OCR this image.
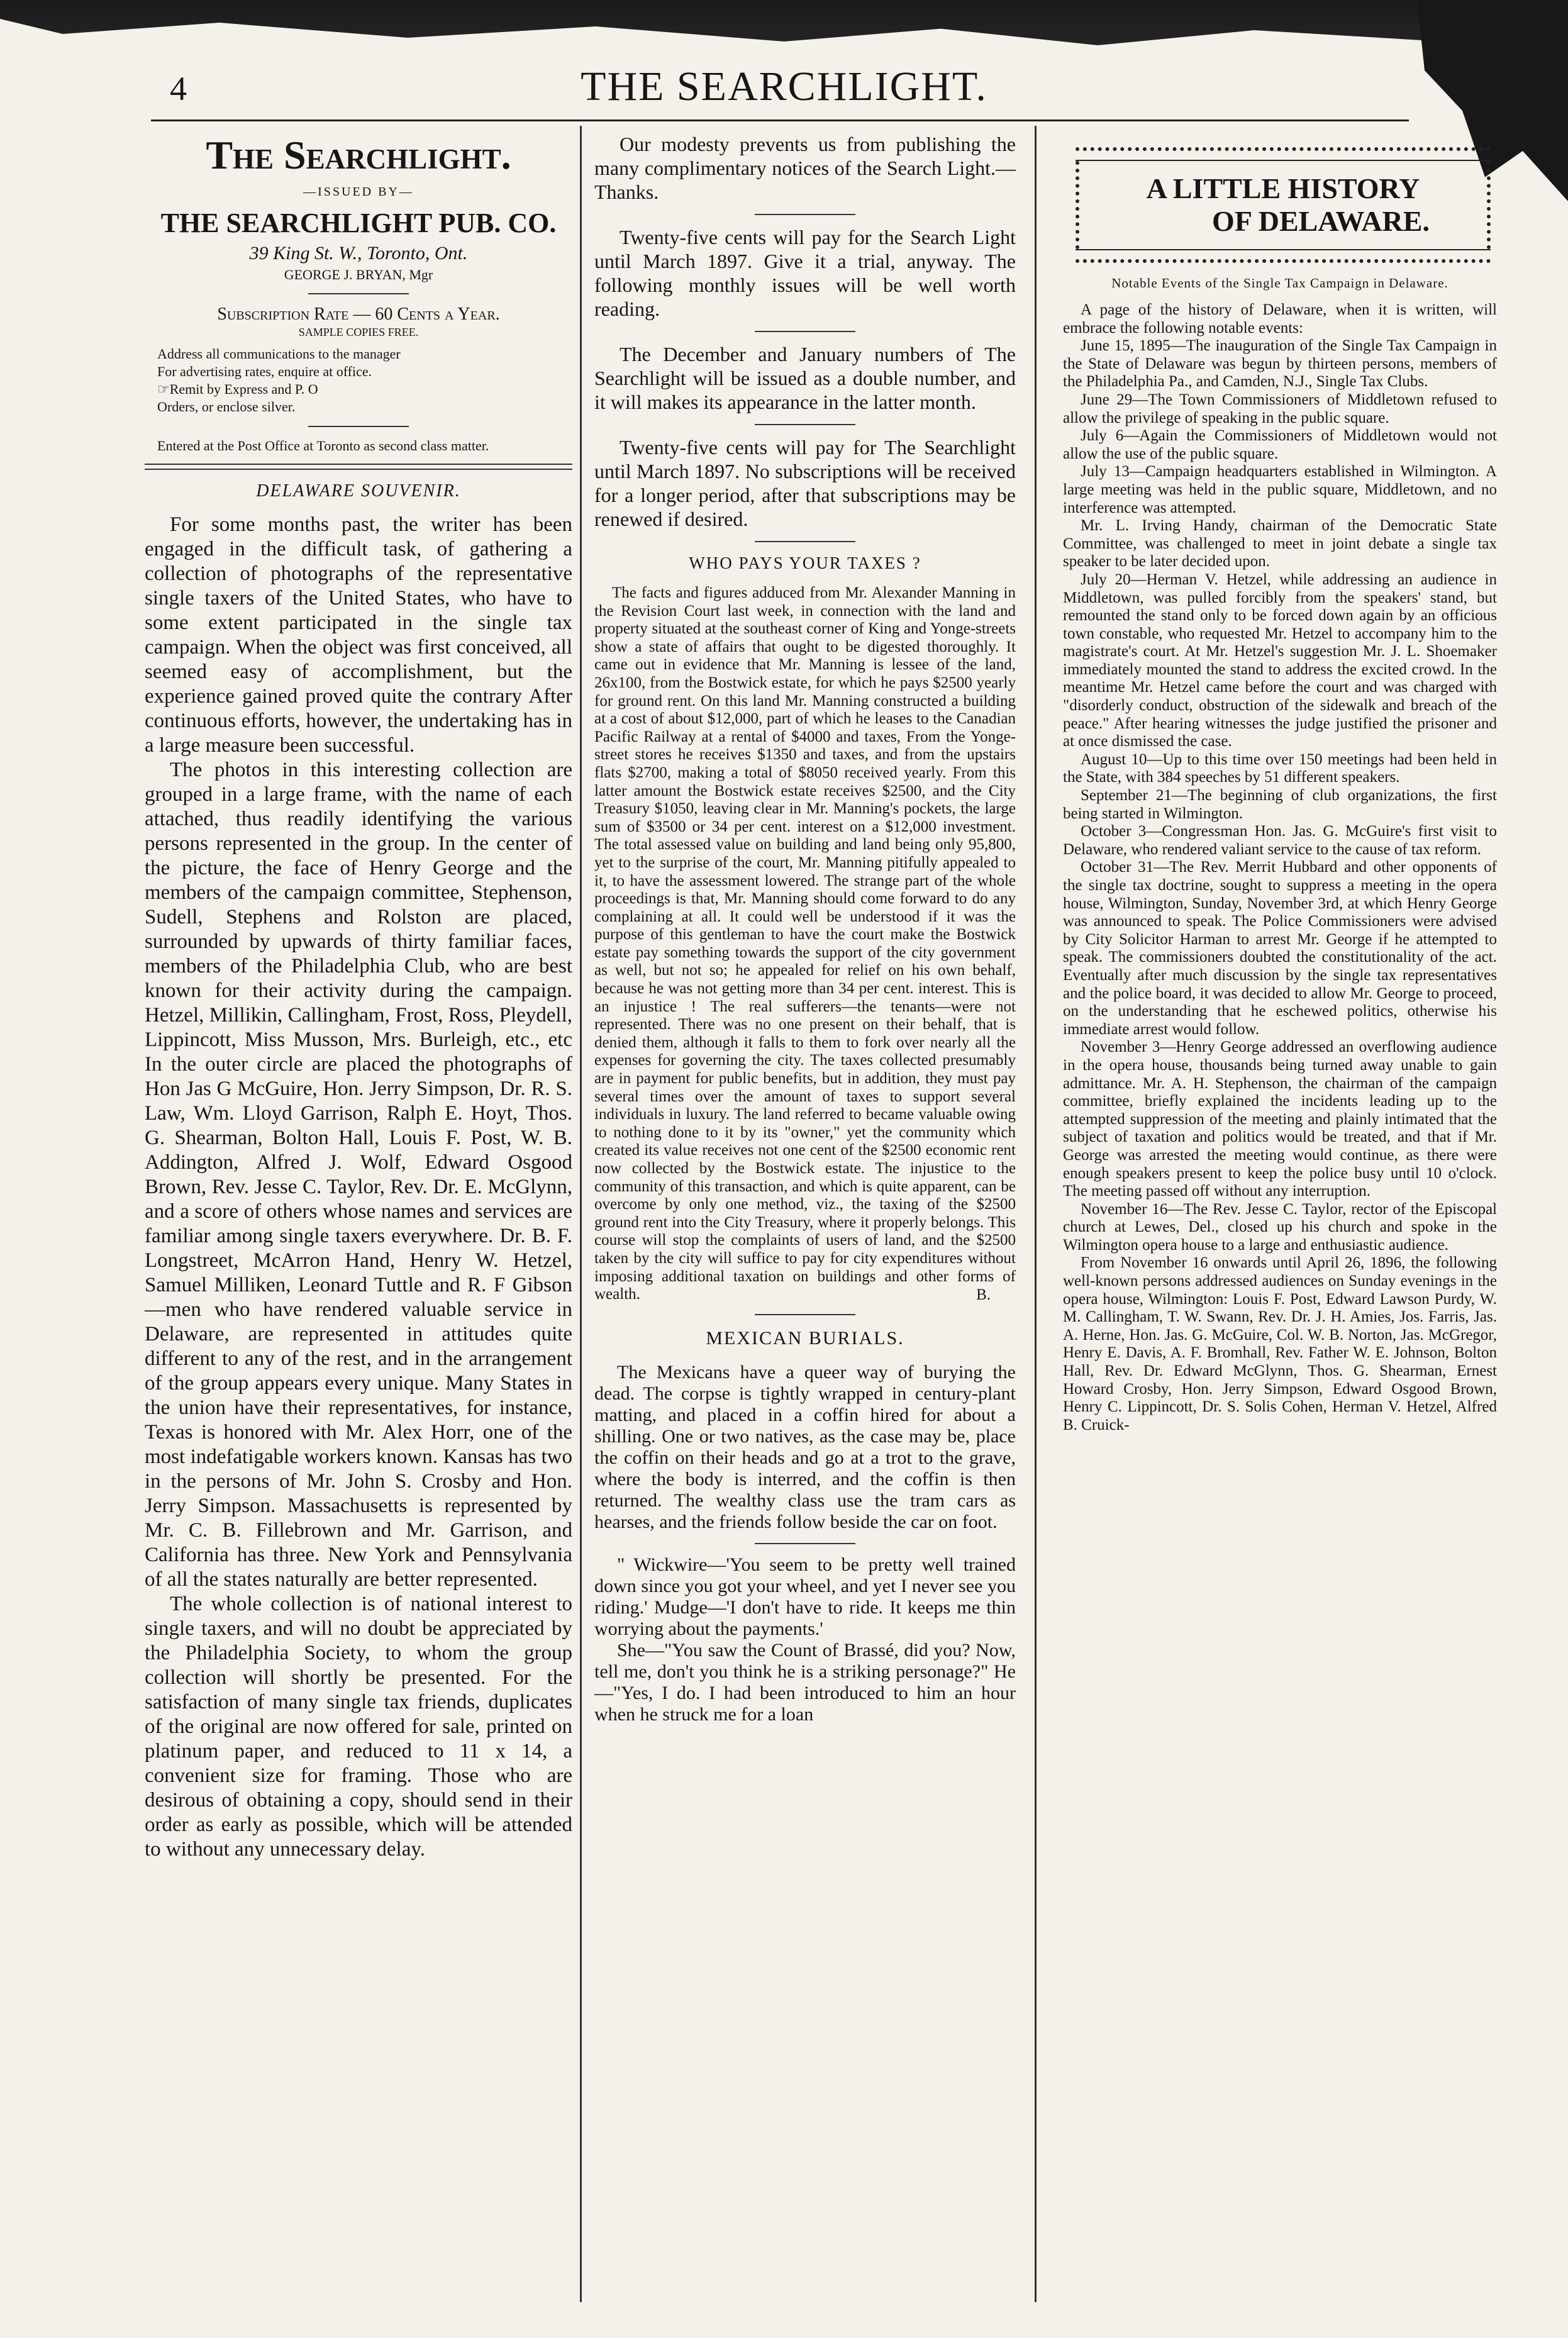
4	THE SEARCHLIGHT.
The Searchlight.
—ISSUED BY—
THE SEARCHLIGHT PUB. CO.
39 King St. W., Toronto, Ont.
GEORGE J. BRYAN, Mgr
Subscription Rate — 60 Cents a Year.
SAMPLE COPIES FREE.

Address all communications to the manager

For advertising rates, enquire at office.

☞Remit by Express and P. O

Orders, or enclose silver.

Entered at the Post Office at Toronto as second class matter.

DELAWARE SOUVENIR.

For some months past, the writer has been engaged in the difficult task, of gathering a collection of photographs of the representative single taxers of the United States, who have to some extent participated in the single tax campaign. When the object was first conceived, all seemed easy of accomplishment, but the experience gained proved quite the contrary After continuous efforts, however, the undertaking has in a large measure been successful.

The photos in this interesting collection are grouped in a large frame, with the name of each attached, thus readily identifying the various persons represented in the group. In the center of the picture, the face of Henry George and the members of the campaign committee, Stephenson, Sudell, Stephens and Rolston are placed, surrounded by upwards of thirty familiar faces, members of the Philadelphia Club, who are best known for their activity during the campaign. Hetzel, Millikin, Callingham, Frost, Ross, Pleydell, Lippincott, Miss Musson, Mrs. Burleigh, etc., etc In the outer circle are placed the photographs of Hon Jas G McGuire, Hon. Jerry Simpson, Dr. R. S. Law, Wm. Lloyd Garrison, Ralph E. Hoyt, Thos. G. Shearman, Bolton Hall, Louis F. Post, W. B. Addington, Alfred J. Wolf, Edward Osgood Brown, Rev. Jesse C. Taylor, Rev. Dr. E. McGlynn, and a score of others whose names and services are familiar among single taxers everywhere. Dr. B. F. Longstreet, McArron Hand, Henry W. Hetzel, Samuel Milliken, Leonard Tuttle and R. F Gibson—men who have rendered valuable service in Delaware, are represented in attitudes quite different to any of the rest, and in the arrangement of the group appears every unique. Many States in the union have their representatives, for instance, Texas is honored with Mr. Alex Horr, one of the most indefatigable workers known. Kansas has two in the persons of Mr. John S. Crosby and Hon. Jerry Simpson. Massachusetts is represented by Mr. C. B. Fillebrown and Mr. Garrison, and California has three. New York and Pennsylvania of all the states naturally are better represented.

The whole collection is of national interest to single taxers, and will no doubt be appreciated by the Philadelphia Society, to whom the group collection will shortly be presented. For the satisfaction of many single tax friends, duplicates of the original are now offered for sale, printed on platinum paper, and reduced to 11 x 14, a convenient size for framing. Those who are desirous of obtaining a copy, should send in their order as early as possible, which will be attended to without any unnecessary delay.

Our modesty prevents us from publishing the many complimentary notices of the Search Light.—Thanks.

Twenty-five cents will pay for the Search Light until March 1897. Give it a trial, anyway. The following monthly issues will be well worth reading.

The December and January numbers of The Searchlight will be issued as a double number, and it will makes its appearance in the latter month.

Twenty-five cents will pay for The Searchlight until March 1897. No subscriptions will be received for a longer period, after that subscriptions may be renewed if desired.

WHO PAYS YOUR TAXES ?

The facts and figures adduced from Mr. Alexander Manning in the Revision Court last week, in connection with the land and property situated at the southeast corner of King and Yonge-streets show a state of affairs that ought to be digested thoroughly. It came out in evidence that Mr. Manning is lessee of the land, 26x100, from the Bostwick estate, for which he pays $2500 yearly for ground rent. On this land Mr. Manning constructed a building at a cost of about $12,000, part of which he leases to the Canadian Pacific Railway at a rental of $4000 and taxes, From the Yonge-street stores he receives $1350 and taxes, and from the upstairs flats $2700, making a total of $8050 received yearly. From this latter amount the Bostwick estate receives $2500, and the City Treasury $1050, leaving clear in Mr. Manning's pockets, the large sum of $3500 or 34 per cent. interest on a $12,000 investment. The total assessed value on building and land being only 95,800, yet to the surprise of the court, Mr. Manning pitifully appealed to it, to have the assessment lowered. The strange part of the whole proceedings is that, Mr. Manning should come forward to do any complaining at all. It could well be understood if it was the purpose of this gentleman to have the court make the Bostwick estate pay something towards the support of the city government as well, but not so; he appealed for relief on his own behalf, because he was not getting more than 34 per cent. interest. This is an injustice ! The real sufferers—the tenants—were not represented. There was no one present on their behalf, that is denied them, although it falls to them to fork over nearly all the expenses for governing the city. The taxes collected presumably are in payment for public benefits, but in addition, they must pay several times over the amount of taxes to support several individuals in luxury. The land referred to became valuable owing to nothing done to it by its "owner," yet the community which created its value receives not one cent of the $2500 economic rent now collected by the Bostwick estate. The injustice to the community of this transaction, and which is quite apparent, can be overcome by only one method, viz., the taxing of the $2500 ground rent into the City Treasury, where it properly belongs. This course will stop the complaints of users of land, and the $2500 taken by the city will suffice to pay for city expenditures without imposing additional taxation on buildings and other forms of wealth.	B.

MEXICAN BURIALS.

The Mexicans have a queer way of burying the dead. The corpse is tightly wrapped in century-plant matting, and placed in a coffin hired for about a shilling. One or two natives, as the case may be, place the coffin on their heads and go at a trot to the grave, where the body is interred, and the coffin is then returned. The wealthy class use the tram cars as hearses, and the friends follow beside the car on foot.

" Wickwire—'You seem to be pretty well trained down since you got your wheel, and yet I never see you riding.' Mudge—'I don't have to ride. It keeps me thin worrying about the payments.'

She—"You saw the Count of Brassé, did you? Now, tell me, don't you think he is a striking personage?" He—"Yes, I do. I had been introduced to him an hour when he struck me for a loan

A LITTLE HISTORY
OF DELAWARE.
Notable Events of the Single Tax Campaign in Delaware.

A page of the history of Delaware, when it is written, will embrace the following notable events:

June 15, 1895—The inauguration of the Single Tax Campaign in the State of Delaware was begun by thirteen persons, members of the Philadelphia Pa., and Camden, N.J., Single Tax Clubs.

June 29—The Town Commissioners of Middletown refused to allow the privilege of speaking in the public square.

July 6—Again the Commissioners of Middletown would not allow the use of the public square.

July 13—Campaign headquarters established in Wilmington. A large meeting was held in the public square, Middletown, and no interference was attempted.

Mr. L. Irving Handy, chairman of the Democratic State Committee, was challenged to meet in joint debate a single tax speaker to be later decided upon.

July 20—Herman V. Hetzel, while addressing an audience in Middletown, was pulled forcibly from the speakers' stand, but remounted the stand only to be forced down again by an officious town constable, who requested Mr. Hetzel to accompany him to the magistrate's court. At Mr. Hetzel's suggestion Mr. J. L. Shoemaker immediately mounted the stand to address the excited crowd. In the meantime Mr. Hetzel came before the court and was charged with "disorderly conduct, obstruction of the sidewalk and breach of the peace." After hearing witnesses the judge justified the prisoner and at once dismissed the case.

August 10—Up to this time over 150 meetings had been held in the State, with 384 speeches by 51 different speakers.

September 21—The beginning of club organizations, the first being started in Wilmington.

October 3—Congressman Hon. Jas. G. McGuire's first visit to Delaware, who rendered valiant service to the cause of tax reform.

October 31—The Rev. Merrit Hubbard and other opponents of the single tax doctrine, sought to suppress a meeting in the opera house, Wilmington, Sunday, November 3rd, at which Henry George was announced to speak. The Police Commissioners were advised by City Solicitor Harman to arrest Mr. George if he attempted to speak. The commissioners doubted the constitutionality of the act. Eventually after much discussion by the single tax representatives and the police board, it was decided to allow Mr. George to proceed, on the understanding that he eschewed politics, otherwise his immediate arrest would follow.

November 3—Henry George addressed an overflowing audience in the opera house, thousands being turned away unable to gain admittance. Mr. A. H. Stephenson, the chairman of the campaign committee, briefly explained the incidents leading up to the attempted suppression of the meeting and plainly intimated that the subject of taxation and politics would be treated, and that if Mr. George was arrested the meeting would continue, as there were enough speakers present to keep the police busy until 10 o'clock. The meeting passed off without any interruption.

November 16—The Rev. Jesse C. Taylor, rector of the Episcopal church at Lewes, Del., closed up his church and spoke in the Wilmington opera house to a large and enthusiastic audience.

From November 16 onwards until April 26, 1896, the following well-known persons addressed audiences on Sunday evenings in the opera house, Wilmington: Louis F. Post, Edward Lawson Purdy, W. M. Callingham, T. W. Swann, Rev. Dr. J. H. Amies, Jos. Farris, Jas. A. Herne, Hon. Jas. G. McGuire, Col. W. B. Norton, Jas. McGregor, Henry E. Davis, A. F. Bromhall, Rev. Father W. E. Johnson, Bolton Hall, Rev. Dr. Edward McGlynn, Thos. G. Shearman, Ernest Howard Crosby, Hon. Jerry Simpson, Edward Osgood Brown, Henry C. Lippincott, Dr. S. Solis Cohen, Herman V. Hetzel, Alfred B. Cruick-
